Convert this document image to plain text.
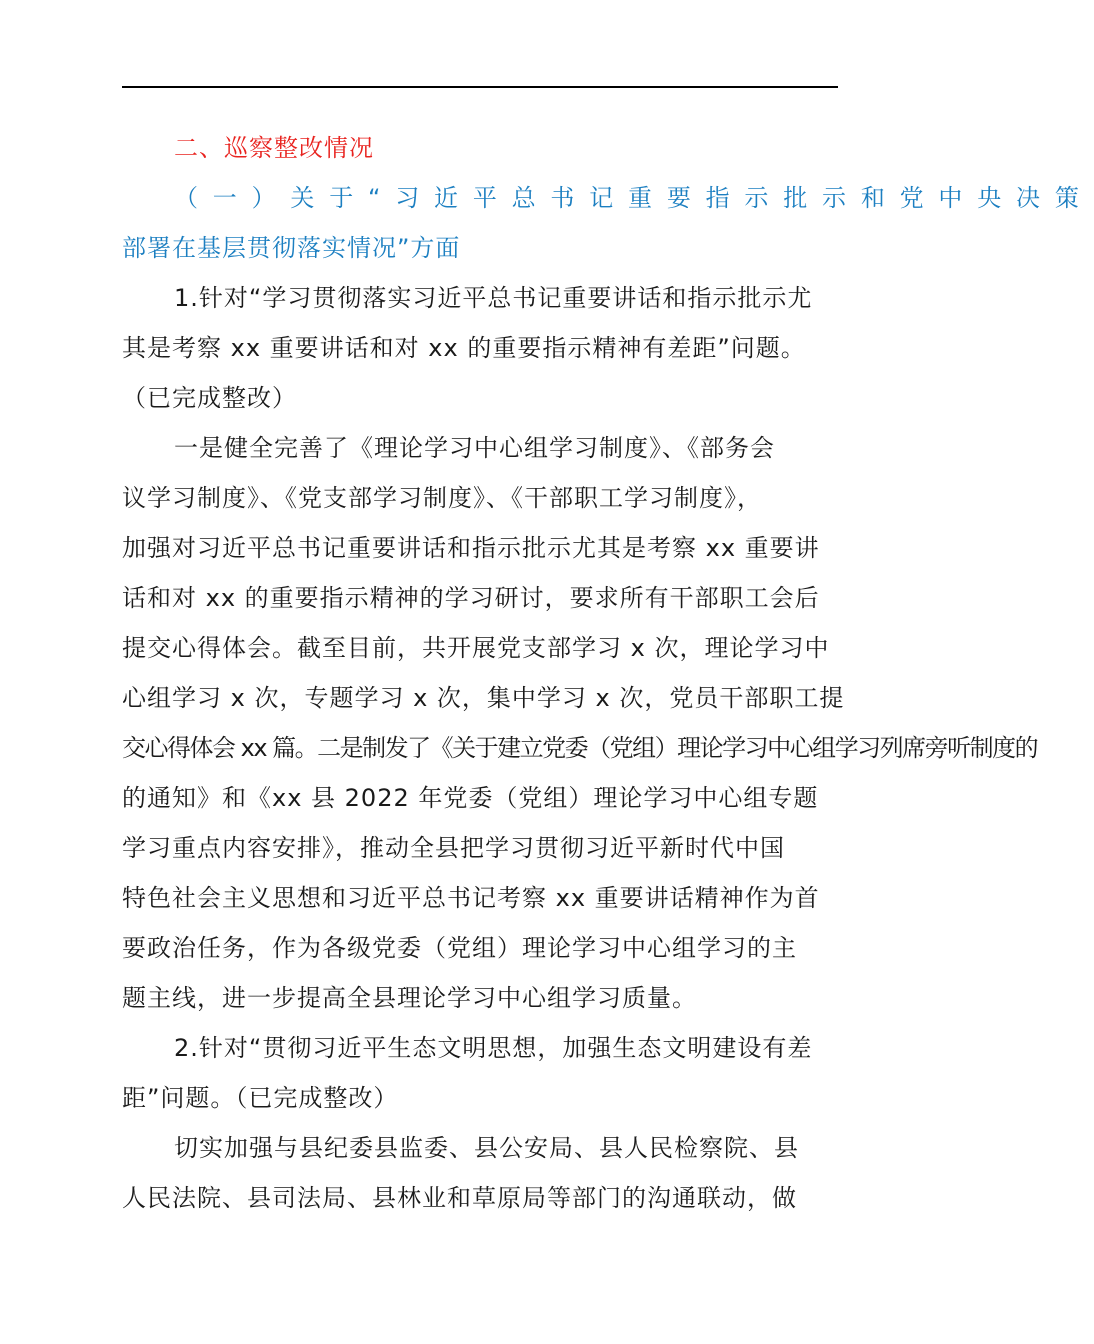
二、巡察整改情况
（一）关于“习近平总书记重要指示批示和党中央决策
部署在基层贯彻落实情况”方面
1.针对“学习贯彻落实习近平总书记重要讲话和指示批示尤
其是考察 xx 重要讲话和对 xx 的重要指示精神有差距”问题。
（已完成整改）
一是健全完善了《理论学习中心组学习制度》、《部务会
议学习制度》、《党支部学习制度》、《干部职工学习制度》，
加强对习近平总书记重要讲话和指示批示尤其是考察 xx 重要讲
话和对 xx 的重要指示精神的学习研讨，要求所有干部职工会后
提交心得体会。截至目前，共开展党支部学习 x 次，理论学习中
心组学习 x 次，专题学习 x 次，集中学习 x 次，党员干部职工提
交心得体会 xx 篇。二是制发了《关于建立党委（党组）理论学习中心组学习列席旁听制度的
的通知》和《xx 县 2022 年党委（党组）理论学习中心组专题
学习重点内容安排》，推动全县把学习贯彻习近平新时代中国
特色社会主义思想和习近平总书记考察 xx 重要讲话精神作为首
要政治任务，作为各级党委（党组）理论学习中心组学习的主
题主线，进一步提高全县理论学习中心组学习质量。
2.针对“贯彻习近平生态文明思想，加强生态文明建设有差
距”问题。（已完成整改）
切实加强与县纪委县监委、县公安局、县人民检察院、县
人民法院、县司法局、县林业和草原局等部门的沟通联动，做
